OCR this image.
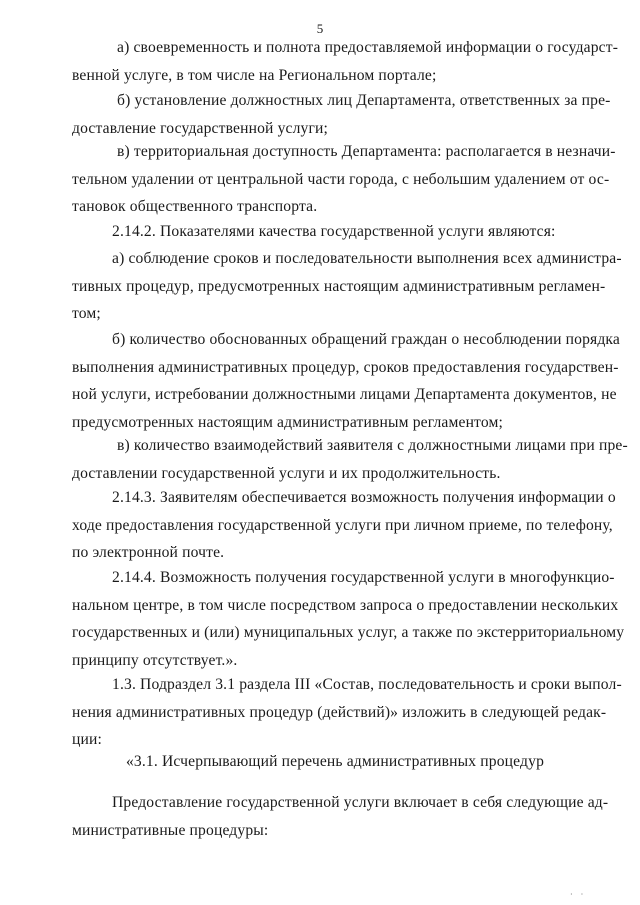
5

а) своевременность и полнота предоставляемой информации о государст-
венной услуге, в том числе на Региональном портале;

б) установление должностных лиц Департамента, ответственных за пре-
доставление государственной услуги;

в) территориальная доступность Департамента: располагается в незначи-
тельном удалении от центральной части города, с небольшим удалением от ос-
тановок общественного транспорта.

2.14.2. Показателями качества государственной услуги являются:

а) соблюдение сроков и последовательности выполнения всех администра-
тивных процедур, предусмотренных настоящим административным регламен-
том;

б) количество обоснованных обращений граждан о несоблюдении порядка
выполнения административных процедур, сроков предоставления государствен-
ной услуги, истребовании должностными лицами Департамента документов, не
предусмотренных настоящим административным регламентом;

в) количество взаимодействий заявителя с должностными лицами при пре-
доставлении государственной услуги и их продолжительность.

2.14.3. Заявителям обеспечивается возможность получения информации о
ходе предоставления государственной услуги при личном приеме, по телефону,
по электронной почте.

2.14.4. Возможность получения государственной услуги в многофункцио-
нальном центре, в том числе посредством запроса о предоставлении нескольких
государственных и (или) муниципальных услуг, а также по экстерриториальному
принципу отсутствует.».

1.3. Подраздел 3.1 раздела III «Состав, последовательность и сроки выпол-
нения административных процедур (действий)» изложить в следующей редак-
ции:

«3.1. Исчерпывающий перечень административных процедур

Предоставление государственной услуги включает в себя следующие ад-
министративные процедуры:

· ·
